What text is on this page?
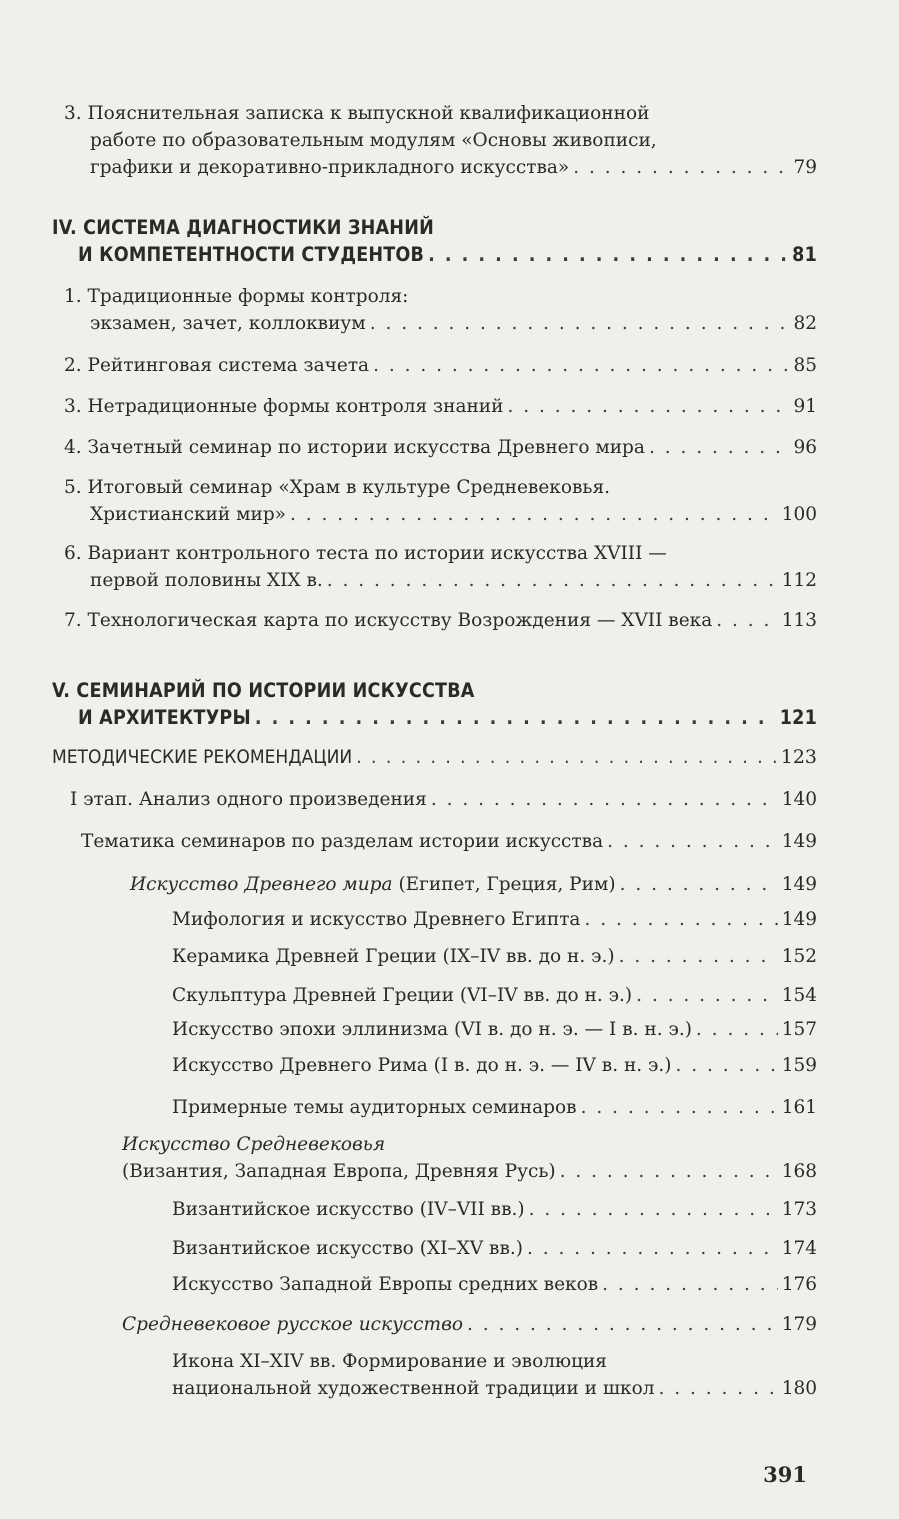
3. Пояснительная записка к выпускной квалификационной
работе по образовательным модулям «Основы живописи,
графики и декоративно-прикладного искусства» . . .	79
IV. СИСТЕМА ДИАГНОСТИКИ ЗНАНИЙ
И КОМПЕТЕНТНОСТИ СТУДЕНТОВ . . .	81
1. Традиционные формы контроля:
экзамен, зачет, коллоквиум . . .	82
2. Рейтинговая система зачета . . .	85
3. Нетрадиционные формы контроля знаний . . .	91
4. Зачетный семинар по истории искусства Древнего мира . . .	96
5. Итоговый семинар «Храм в культуре Средневековья.
Христианский мир» . . .	100
6. Вариант контрольного теста по истории искусства XVIII —
первой половины XIX в. . . .	112
7. Технологическая карта по искусству Возрождения — XVII века . . .	113
V. СЕМИНАРИЙ ПО ИСТОРИИ ИСКУССТВА
И АРХИТЕКТУРЫ . . .	121
МЕТОДИЧЕСКИЕ РЕКОМЕНДАЦИИ . . .	123
I этап. Анализ одного произведения . . .	140
Тематика семинаров по разделам истории искусства . . .	149
Искусство Древнего мира (Египет, Греция, Рим) . . .	149
Мифология и искусство Древнего Египта . . .	149
Керамика Древней Греции (IX–IV вв. до н. э.) . . .	152
Скульптура Древней Греции (VI–IV вв. до н. э.) . . .	154
Искусство эпохи эллинизма (VI в. до н. э. — I в. н. э.) . . .	157
Искусство Древнего Рима (I в. до н. э. — IV в. н. э.) . . .	159
Примерные темы аудиторных семинаров . . .	161
Искусство Средневековья
(Византия, Западная Европа, Древняя Русь) . . .	168
Византийское искусство (IV–VII вв.) . . .	173
Византийское искусство (XI–XV вв.) . . .	174
Искусство Западной Европы средних веков . . .	176
Средневековое русское искусство . . .	179
Икона XI–XIV вв. Формирование и эволюция
национальной художественной традиции и школ . . .	180
391
